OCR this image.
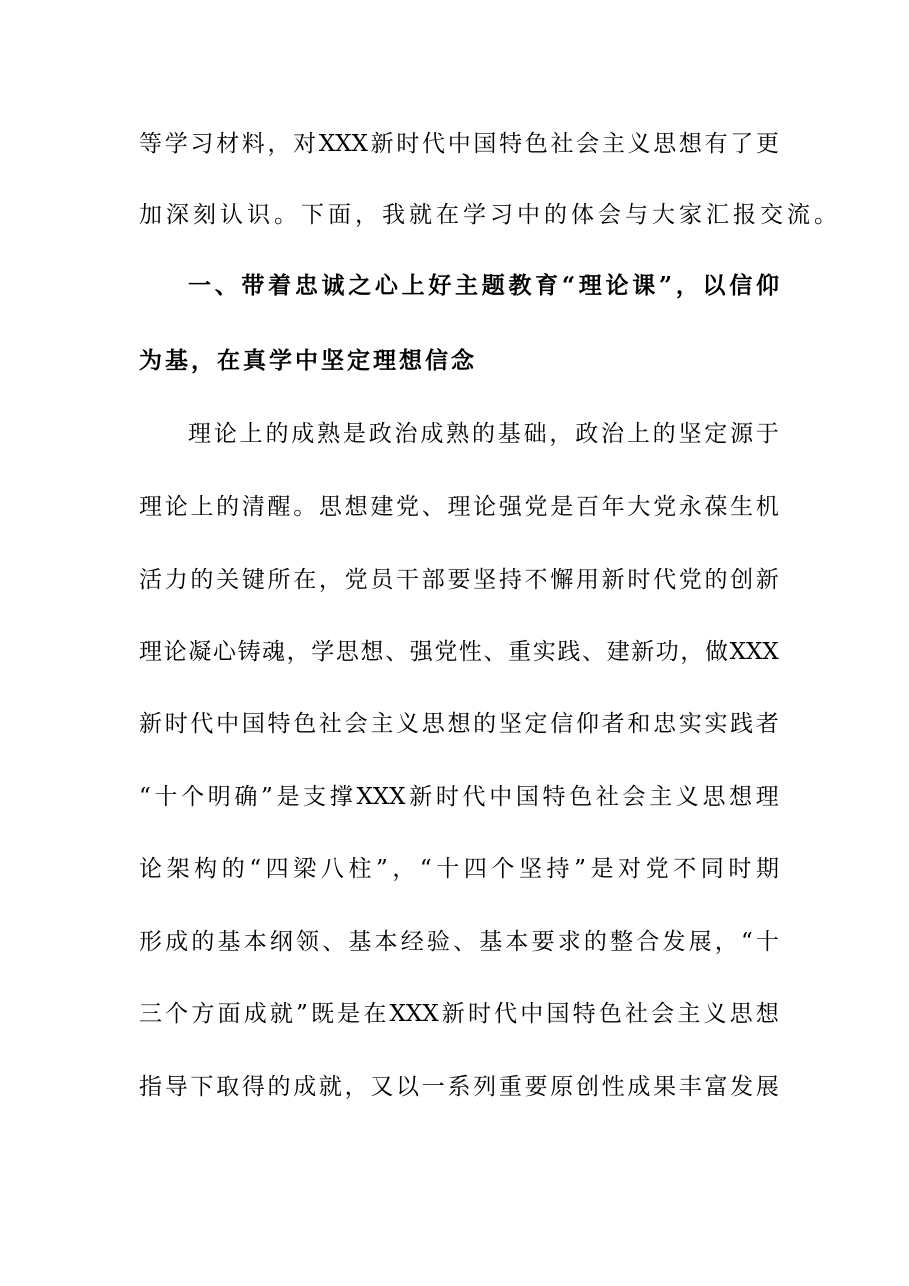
等 学 习 材 料 ， 对 XXX 新 时 代 中 国 特 色 社 会 主 义 思 想 有 了 更
加深刻认识。下面，我就在学习中的体会与大家汇报交流。
一 、 带 着 忠 诚 之 心 上 好 主 题 教 育 “ 理 论 课 ” ， 以 信 仰
为基，在真学中坚定理想信念
理 论 上 的 成 熟 是 政 治 成 熟 的 基 础 ， 政 治 上 的 坚 定 源 于
理 论 上 的 清 醒 。 思 想 建 党 、 理 论 强 党 是 百 年 大 党 永 葆 生 机
活 力 的 关 键 所 在 ， 党 员 干 部 要 坚 持 不 懈 用 新 时 代 党 的 创 新
理 论 凝 心 铸 魂 ， 学 思 想 、 强 党 性 、 重 实 践 、 建 新 功 ， 做 XXX
新 时 代 中 国 特 色 社 会 主 义 思 想 的 坚 定 信 仰 者 和 忠 实 实 践 者
“ 十 个 明 确 ” 是 支 撑 XXX 新 时 代 中 国 特 色 社 会 主 义 思 想 理
论 架 构 的 “ 四 梁 八 柱 ” ， “ 十 四 个 坚 持 ” 是 对 党 不 同 时 期
形 成 的 基 本 纲 领 、 基 本 经 验 、 基 本 要 求 的 整 合 发 展 ， “ 十
三 个 方 面 成 就 ” 既 是 在 XXX 新 时 代 中 国 特 色 社 会 主 义 思 想
指 导 下 取 得 的 成 就 ， 又 以 一 系 列 重 要 原 创 性 成 果 丰 富 发 展
